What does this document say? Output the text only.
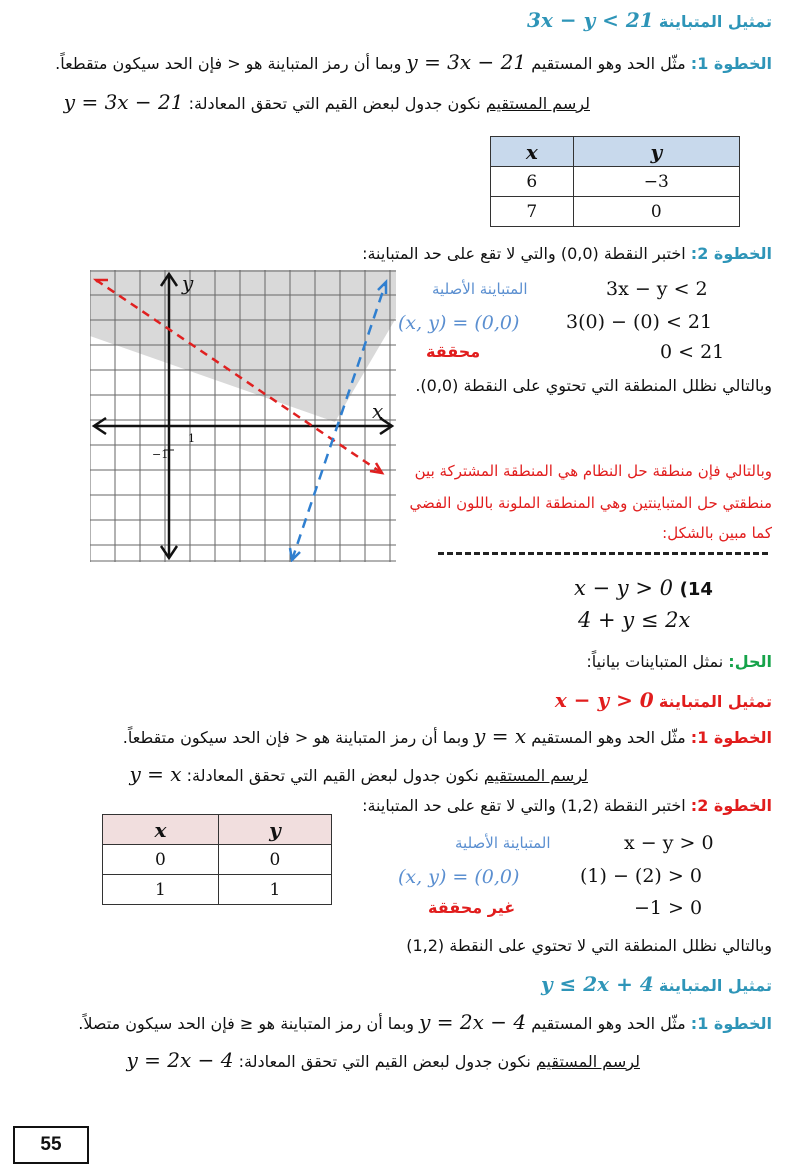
تمثيل المتباينة 3x − y < 21
الخطوة 1: مثّل الحد وهو المستقيم y = 3x − 21 وبما أن رمز المتباينة هو < فإن الحد سيكون متقطعاً.
لرسم المستقيم نكون جدول لبعض القيم التي تحقق المعادلة: y = 3x − 21
x	y
6	−3
7	0
الخطوة 2: اختبر النقطة (0,0) والتي لا تقع على حد المتباينة:
المتباينة الأصلية	3x − y < 2
(x, y) = (0,0) 3(0) − (0) < 21
محققة	0 < 21
وبالتالي نظلل المنطقة التي تحتوي على النقطة (0,0).
وبالتالي فإن منطقة حل النظام هي المنطقة المشتركة بين
منطقتي حل المتباينتين وهي المنطقة الملونة باللون الفضي
كما مبين بالشكل:
y
x
1
−1
x − y > 0 (14
4 + y ≤ 2x
الحل: نمثل المتباينات بيانياً:
تمثيل المتباينة x − y > 0
الخطوة 1: مثّل الحد وهو المستقيم y = x وبما أن رمز المتباينة هو < فإن الحد سيكون متقطعاً.
لرسم المستقيم نكون جدول لبعض القيم التي تحقق المعادلة: y = x
الخطوة 2: اختبر النقطة (1,2) والتي لا تقع على حد المتباينة:
x	y
0	0
1	1
المتباينة الأصلية	x − y > 0
(x, y) = (0,0)	(1) − (2) > 0
غير محققة	−1 > 0
وبالتالي نظلل المنطقة التي لا تحتوي على النقطة (1,2)
تمثيل المتباينة 4 + y ≤ 2x
الخطوة 1: مثّل الحد وهو المستقيم y = 2x − 4 وبما أن رمز المتباينة هو ≤ فإن الحد سيكون متصلاً.
لرسم المستقيم نكون جدول لبعض القيم التي تحقق المعادلة: y = 2x − 4
55
